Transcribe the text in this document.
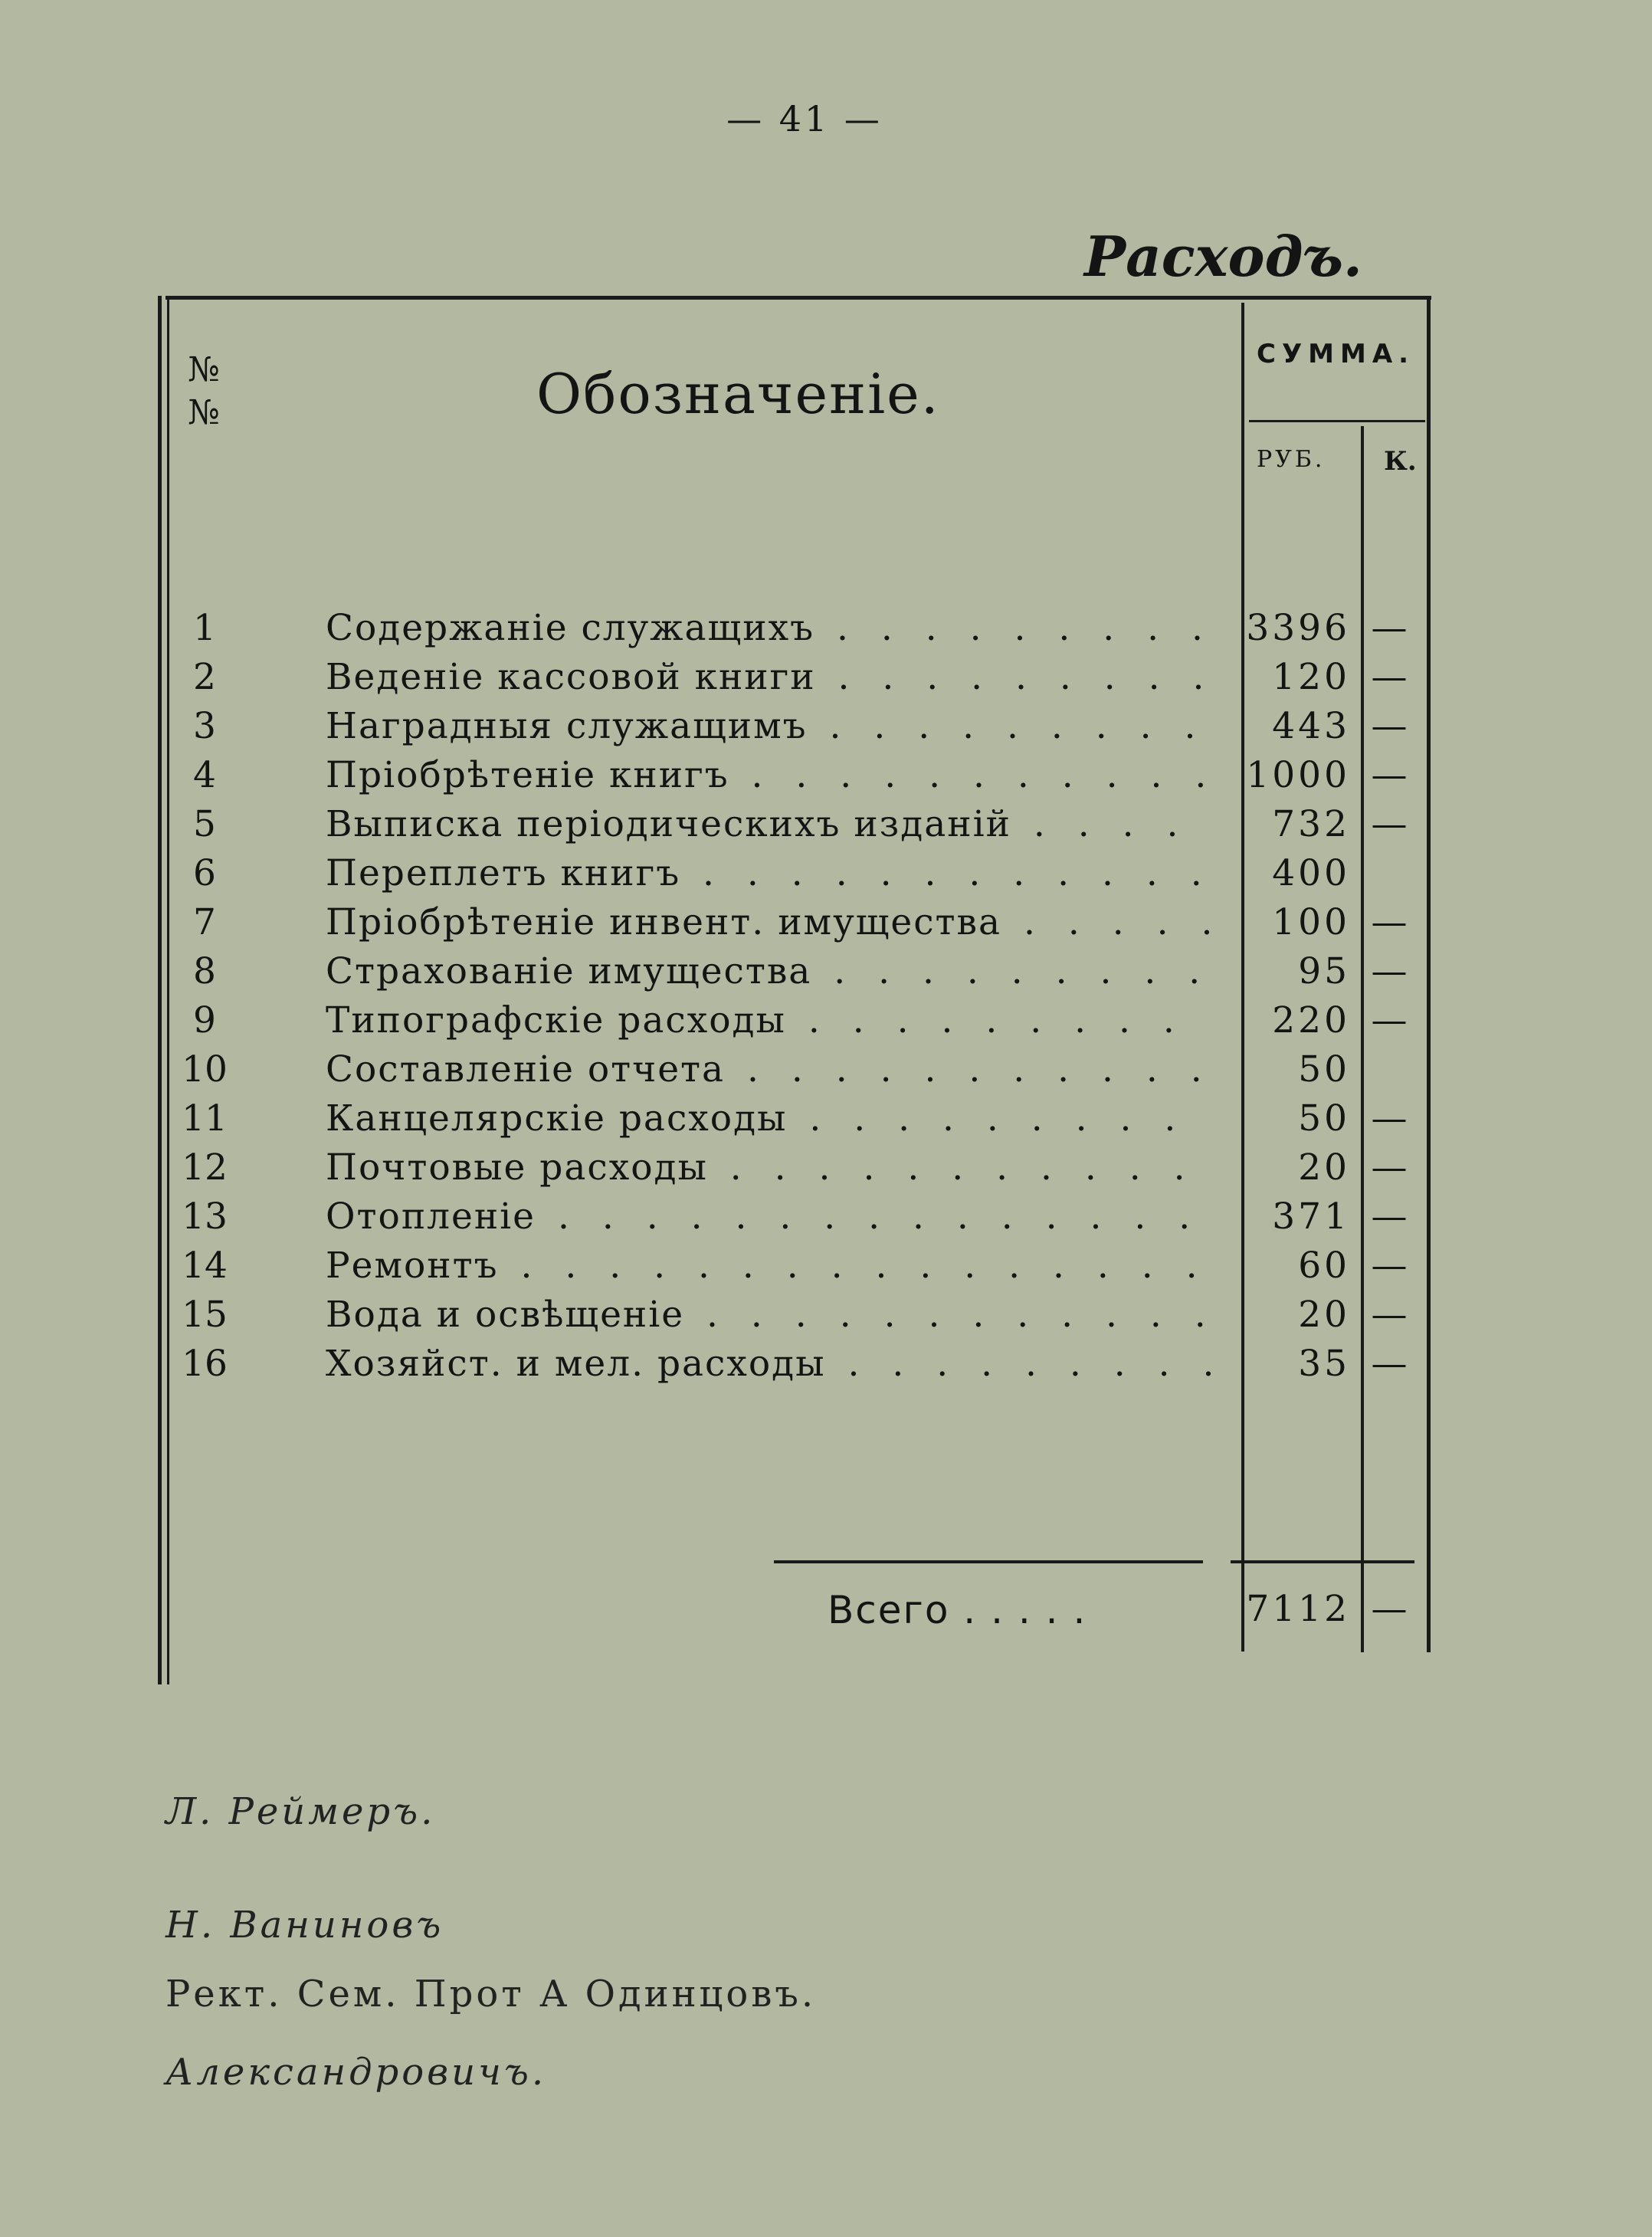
— 41 —
Расходъ.
№№	Обозначеніе.
СУММА.
РУБ. К.
1	Содержаніе служащихъ . . .	3396 —
2	Веденіе кассовой книги . . .	120 —
3	Наградныя служащимъ . . .	443 —
4	Пріобрѣтеніе книгъ . . .	1000 —
5	Выписка періодическихъ изданій . . .	732 —
6	Переплетъ книгъ . . .	400
7	Пріобрѣтеніе инвент. имущества . . .	100 —
8	Страхованіе имущества . . .	95 —
9	Типографскіе расходы . . .	220 —
10	Составленіе отчета . . .	50
11	Канцелярскіе расходы . . .	50 —
12	Почтовые расходы . . .	20 —
13	Отопленіе . . .	371 —
14	Ремонтъ . . .	60 —
15	Вода и освѣщеніе . . .	20 —
16	Хозяйст. и мел. расходы . . .	35 —
Всего . . . . .	7112 —
Л. Реймеръ.
Н. Ваниновъ
Рект. Сем. Прот А Одинцовъ.
Александровичъ.
